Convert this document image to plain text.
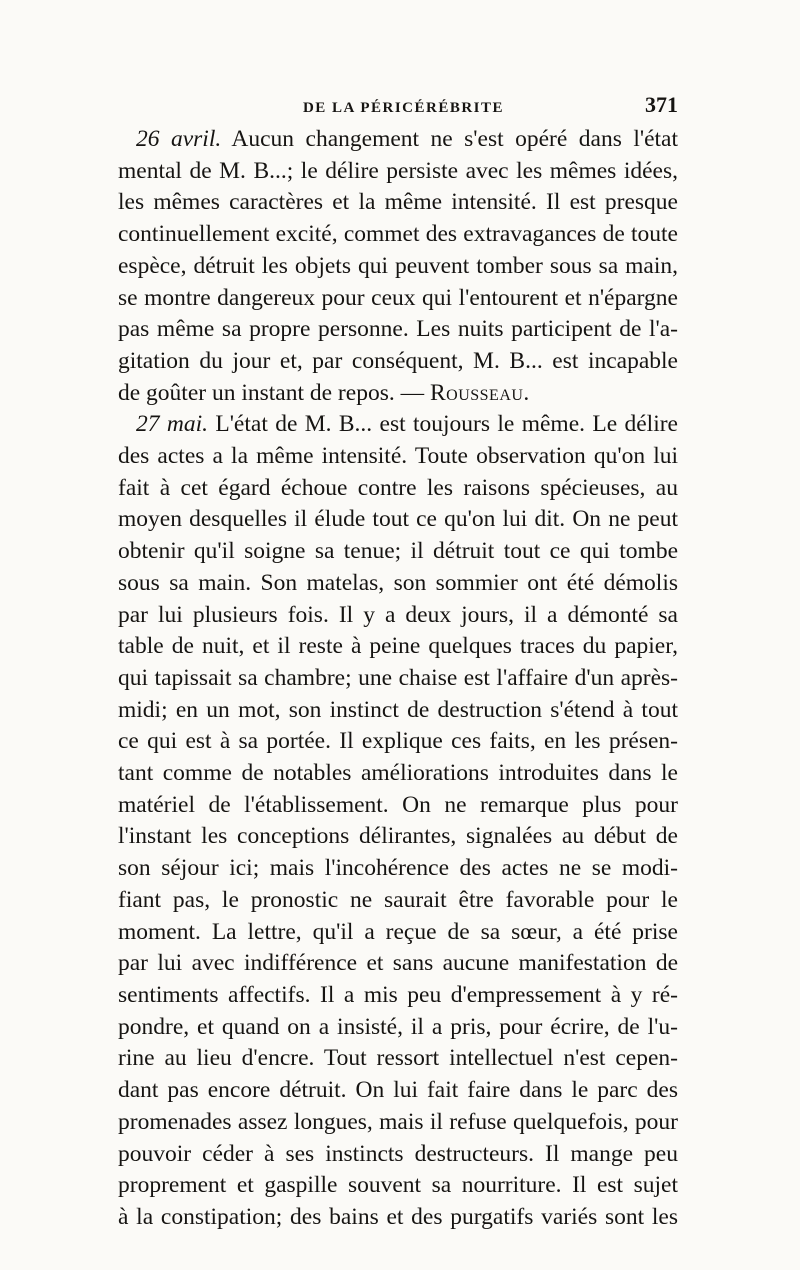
DE LA PÉRICÉRÉBRITE	371

26 avril. Aucun changement ne s'est opéré dans l'état
mental de M. B...; le délire persiste avec les mêmes idées,
les mêmes caractères et la même intensité. Il est presque
continuellement excité, commet des extravagances de toute
espèce, détruit les objets qui peuvent tomber sous sa main,
se montre dangereux pour ceux qui l'entourent et n'épargne
pas même sa propre personne. Les nuits participent de l'a-
gitation du jour et, par conséquent, M. B... est incapable
de goûter un instant de repos. — Rousseau.

27 mai. L'état de M. B... est toujours le même. Le délire
des actes a la même intensité. Toute observation qu'on lui
fait à cet égard échoue contre les raisons spécieuses, au
moyen desquelles il élude tout ce qu'on lui dit. On ne peut
obtenir qu'il soigne sa tenue; il détruit tout ce qui tombe
sous sa main. Son matelas, son sommier ont été démolis
par lui plusieurs fois. Il y a deux jours, il a démonté sa
table de nuit, et il reste à peine quelques traces du papier,
qui tapissait sa chambre; une chaise est l'affaire d'un après-
midi; en un mot, son instinct de destruction s'étend à tout
ce qui est à sa portée. Il explique ces faits, en les présen-
tant comme de notables améliorations introduites dans le
matériel de l'établissement. On ne remarque plus pour
l'instant les conceptions délirantes, signalées au début de
son séjour ici; mais l'incohérence des actes ne se modi-
fiant pas, le pronostic ne saurait être favorable pour le
moment. La lettre, qu'il a reçue de sa sœur, a été prise
par lui avec indifférence et sans aucune manifestation de
sentiments affectifs. Il a mis peu d'empressement à y ré-
pondre, et quand on a insisté, il a pris, pour écrire, de l'u-
rine au lieu d'encre. Tout ressort intellectuel n'est cepen-
dant pas encore détruit. On lui fait faire dans le parc des
promenades assez longues, mais il refuse quelquefois, pour
pouvoir céder à ses instincts destructeurs. Il mange peu
proprement et gaspille souvent sa nourriture. Il est sujet
à la constipation; des bains et des purgatifs variés sont les
